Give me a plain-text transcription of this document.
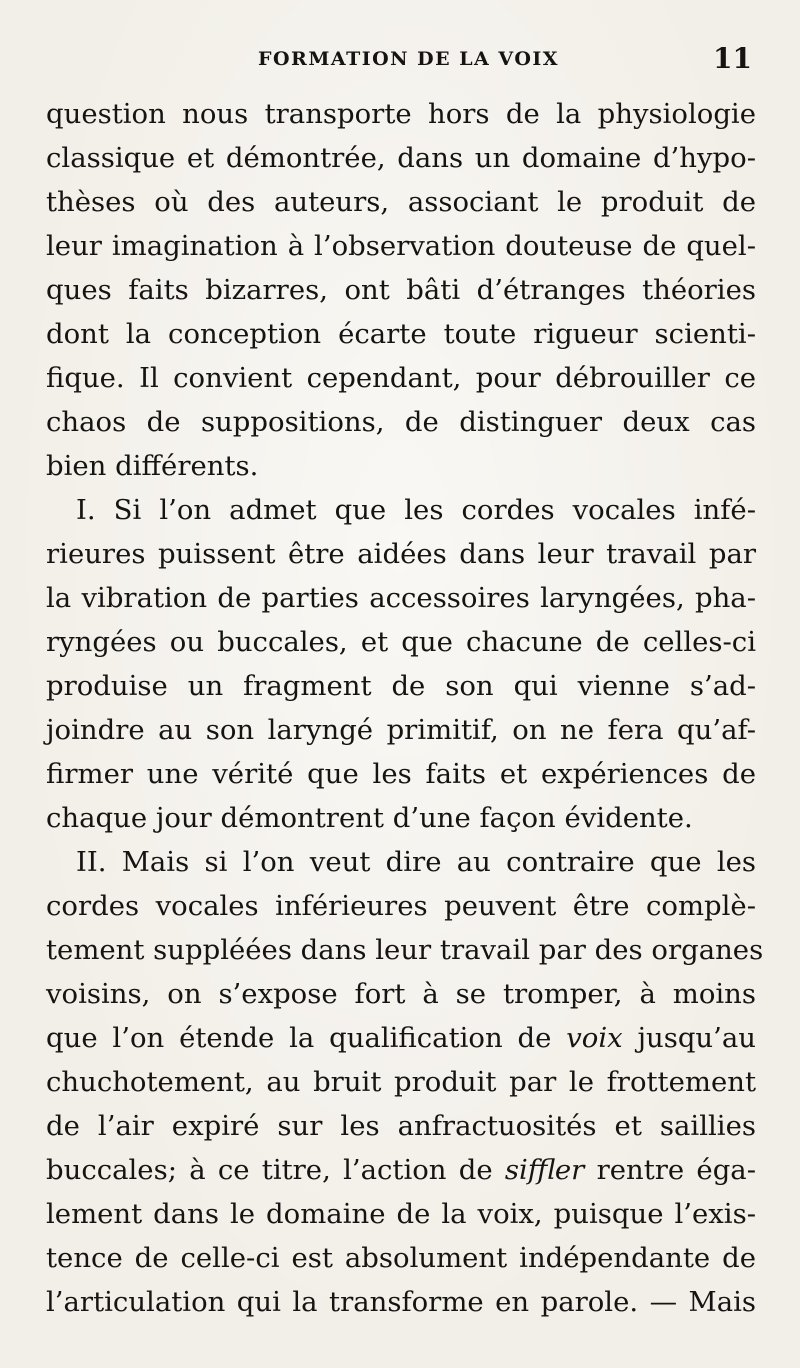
FORMATION DE LA VOIX	11
question nous transporte hors de la physiologie
classique et démontrée, dans un domaine d’hypo-
thèses où des auteurs, associant le produit de
leur imagination à l’observation douteuse de quel-
ques faits bizarres, ont bâti d’étranges théories
dont la conception écarte toute rigueur scienti-
fique. Il convient cependant, pour débrouiller ce
chaos de suppositions, de distinguer deux cas
bien différents.
I. Si l’on admet que les cordes vocales infé-
rieures puissent être aidées dans leur travail par
la vibration de parties accessoires laryngées, pha-
ryngées ou buccales, et que chacune de celles-ci
produise un fragment de son qui vienne s’ad-
joindre au son laryngé primitif, on ne fera qu’af-
firmer une vérité que les faits et expériences de
chaque jour démontrent d’une façon évidente.
II. Mais si l’on veut dire au contraire que les
cordes vocales inférieures peuvent être complè-
tement suppléées dans leur travail par des organes
voisins, on s’expose fort à se tromper, à moins
que l’on étende la qualification de voix jusqu’au
chuchotement, au bruit produit par le frottement
de l’air expiré sur les anfractuosités et saillies
buccales; à ce titre, l’action de siffler rentre éga-
lement dans le domaine de la voix, puisque l’exis-
tence de celle-ci est absolument indépendante de
l’articulation qui la transforme en parole. — Mais
